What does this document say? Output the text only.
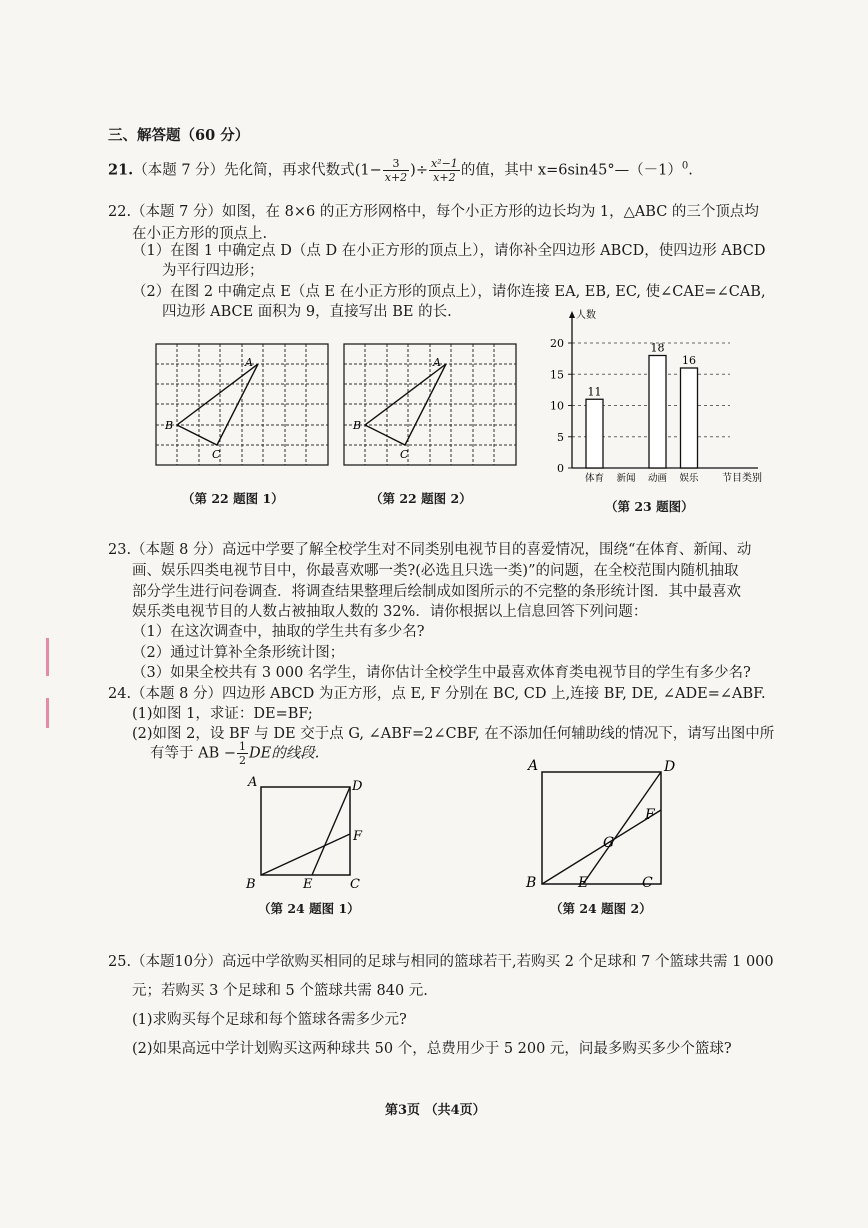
三、解答题（60 分）
21.（本题 7 分）先化简，再求代数式($1- \frac{3}{x+2}$ )÷ $\frac{\text{x²−1}}{x+2}$ 的值，其中 $x=6\sin 45^\circ—(-1)^0$.
22.（本题 7 分）如图，在 8×6 的正方形网格中，每个小正方形的边长均为 1，△ABC 的三个顶点均
在小正方形的顶点上.
（1）在图 1 中确定点 D（点 D 在小正方形的顶点上），请你补全四边形 ABCD，使四边形 ABCD
为平行四边形；
（2）在图 2 中确定点 E（点 E 在小正方形的顶点上），请你连接 EA, EB, EC, 使∠CAE=∠CAB,
四边形 ABCE 面积为 9，直接写出 BE 的长.
A
B
C
（第 22 题图 1）
A
B
C
（第 22 题图 2）
0
5
10
15
20
人数
节目类别
11
体育 新闻
18
动画
16
娱乐
（第 23 题图）
23.（本题 8 分）高远中学要了解全校学生对不同类别电视节目的喜爱情况，围绕“在体育、新闻、动
画、娱乐四类电视节目中，你最喜欢哪一类?(必选且只选一类)”的问题，在全校范围内随机抽取
部分学生进行问卷调查．将调查结果整理后绘制成如图所示的不完整的条形统计图．其中最喜欢
娱乐类电视节目的人数占被抽取人数的 32%．请你根据以上信息回答下列问题：
（1）在这次调查中，抽取的学生共有多少名?
（2）通过计算补全条形统计图；
（3）如果全校共有 3 000 名学生，请你估计全校学生中最喜欢体育类电视节目的学生有多少名?
24.（本题 8 分）四边形 ABCD 为正方形，点 E, F 分别在 BC, CD 上,连接 BF, DE, ∠ADE=∠ABF.
(1)如图 1，求证：DE=BF;
(2)如图 2，设 BF 与 DE 交于点 G, ∠ABF=2∠CBF, 在不添加任何辅助线的情况下，请写出图中所
有等于 AB − $\frac{1}{2}$ DE的线段.
A	D
F
B	E	C
（第 24 题图 1）
A	D
F
G
B	E	C
（第 24 题图 2）
25.（本题10分）高远中学欲购买相同的足球与相同的篮球若干,若购买 2 个足球和 7 个篮球共需 1 000
元；若购买 3 个足球和 5 个篮球共需 840 元.
(1)求购买每个足球和每个篮球各需多少元?
(2)如果高远中学计划购买这两种球共 50 个，总费用少于 5 200 元，问最多购买多少个篮球?
第3页 （共4页）
